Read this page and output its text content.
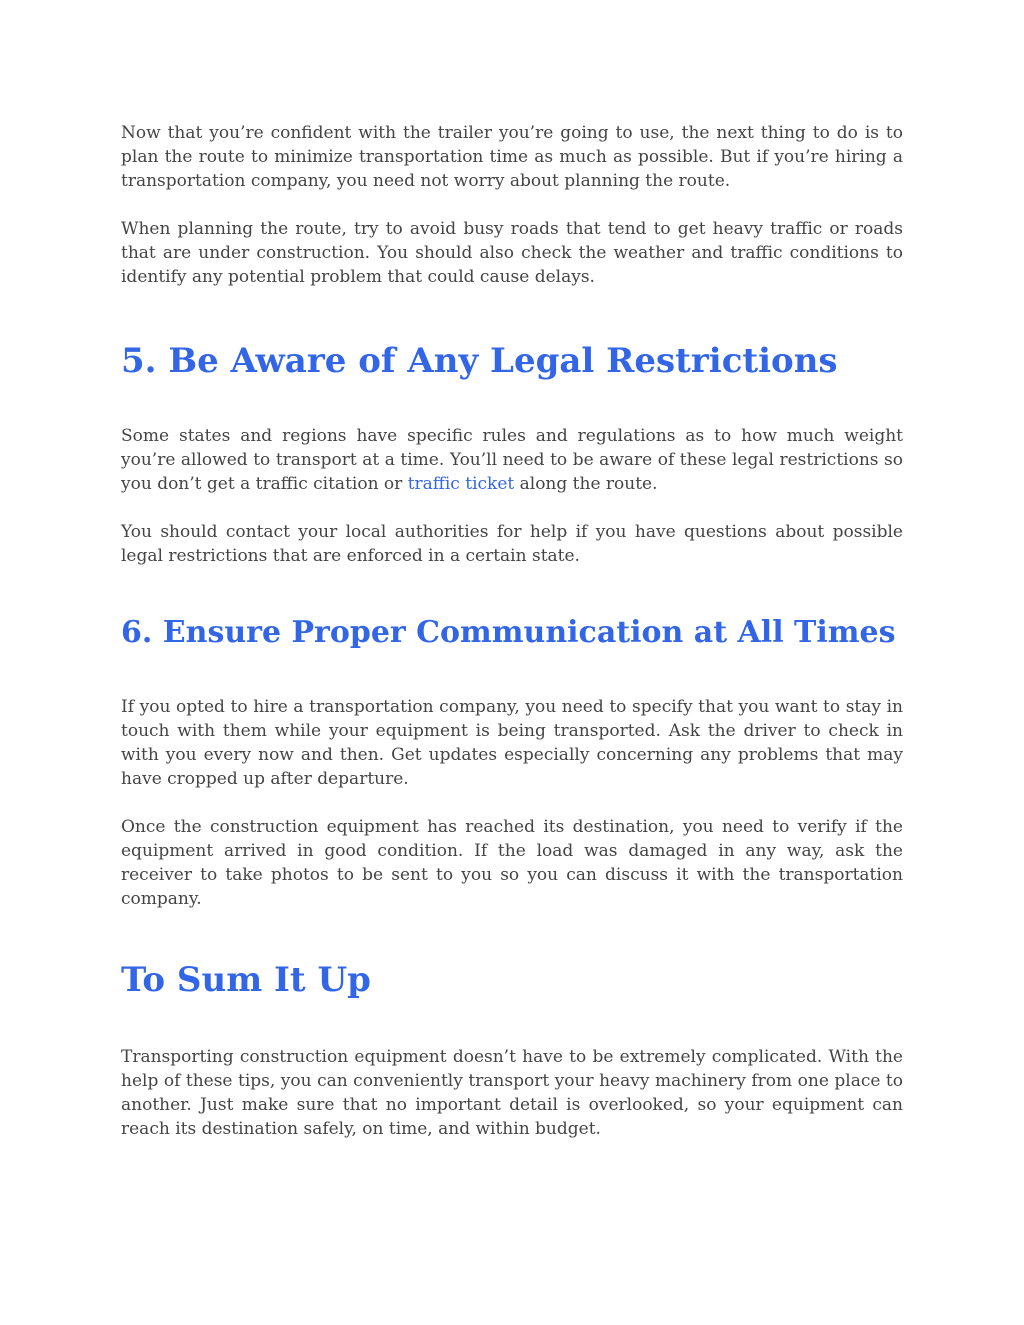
Now that you’re confident with the trailer you’re going to use, the next thing to do is to plan the route to minimize transportation time as much as possible. But if you’re hiring a transportation company, you need not worry about planning the route.

When planning the route, try to avoid busy roads that tend to get heavy traffic or roads that are under construction. You should also check the weather and traffic conditions to identify any potential problem that could cause delays.

5. Be Aware of Any Legal Restrictions

Some states and regions have specific rules and regulations as to how much weight you’re allowed to transport at a time. You’ll need to be aware of these legal restrictions so you don’t get a traffic citation or traffic ticket along the route.

You should contact your local authorities for help if you have questions about possible legal restrictions that are enforced in a certain state.

6. Ensure Proper Communication at All Times

If you opted to hire a transportation company, you need to specify that you want to stay in touch with them while your equipment is being transported. Ask the driver to check in with you every now and then. Get updates especially concerning any problems that may have cropped up after departure.

Once the construction equipment has reached its destination, you need to verify if the equipment arrived in good condition. If the load was damaged in any way, ask the receiver to take photos to be sent to you so you can discuss it with the transportation company.

To Sum It Up

Transporting construction equipment doesn’t have to be extremely complicated. With the help of these tips, you can conveniently transport your heavy machinery from one place to another. Just make sure that no important detail is overlooked, so your equipment can reach its destination safely, on time, and within budget.
